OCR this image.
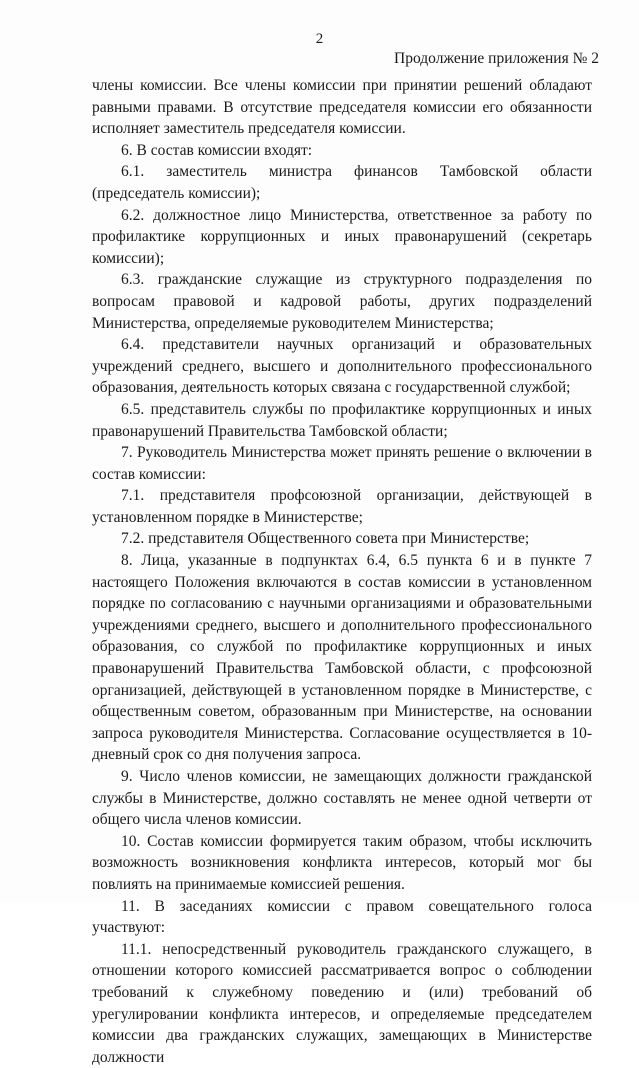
2
Продолжение приложения № 2

члены комиссии. Все члены комиссии при принятии решений обладают равными правами. В отсутствие председателя комиссии его обязанности исполняет заместитель председателя комиссии.

6. В состав комиссии входят:

6.1. заместитель министра финансов Тамбовской области (председатель комиссии);

6.2. должностное лицо Министерства, ответственное за работу по профилактике коррупционных и иных правонарушений (секретарь комиссии);

6.3. гражданские служащие из структурного подразделения по вопросам правовой и кадровой работы, других подразделений Министерства, определяемые руководителем Министерства;

6.4. представители научных организаций и образовательных учреждений среднего, высшего и дополнительного профессионального образования, деятельность которых связана с государственной службой;

6.5. представитель службы по профилактике коррупционных и иных правонарушений Правительства Тамбовской области;

7. Руководитель Министерства может принять решение о включении в состав комиссии:

7.1. представителя профсоюзной организации, действующей в установленном порядке в Министерстве;

7.2. представителя Общественного совета при Министерстве;

8. Лица, указанные в подпунктах 6.4, 6.5 пункта 6 и в пункте 7 настоящего Положения включаются в состав комиссии в установленном порядке по согласованию с научными организациями и образовательными учреждениями среднего, высшего и дополнительного профессионального образования, со службой по профилактике коррупционных и иных правонарушений Правительства Тамбовской области, с профсоюзной организацией, действующей в установленном порядке в Министерстве, с общественным советом, образованным при Министерстве, на основании запроса руководителя Министерства. Согласование осуществляется в 10-дневный срок со дня получения запроса.

9. Число членов комиссии, не замещающих должности гражданской службы в Министерстве, должно составлять не менее одной четверти от общего числа членов комиссии.

10. Состав комиссии формируется таким образом, чтобы исключить возможность возникновения конфликта интересов, который мог бы повлиять на принимаемые комиссией решения.

11. В заседаниях комиссии с правом совещательного голоса участвуют:

11.1. непосредственный руководитель гражданского служащего, в отношении которого комиссией рассматривается вопрос о соблюдении требований к служебному поведению и (или) требований об урегулировании конфликта интересов, и определяемые председателем комиссии два гражданских служащих, замещающих в Министерстве должности
